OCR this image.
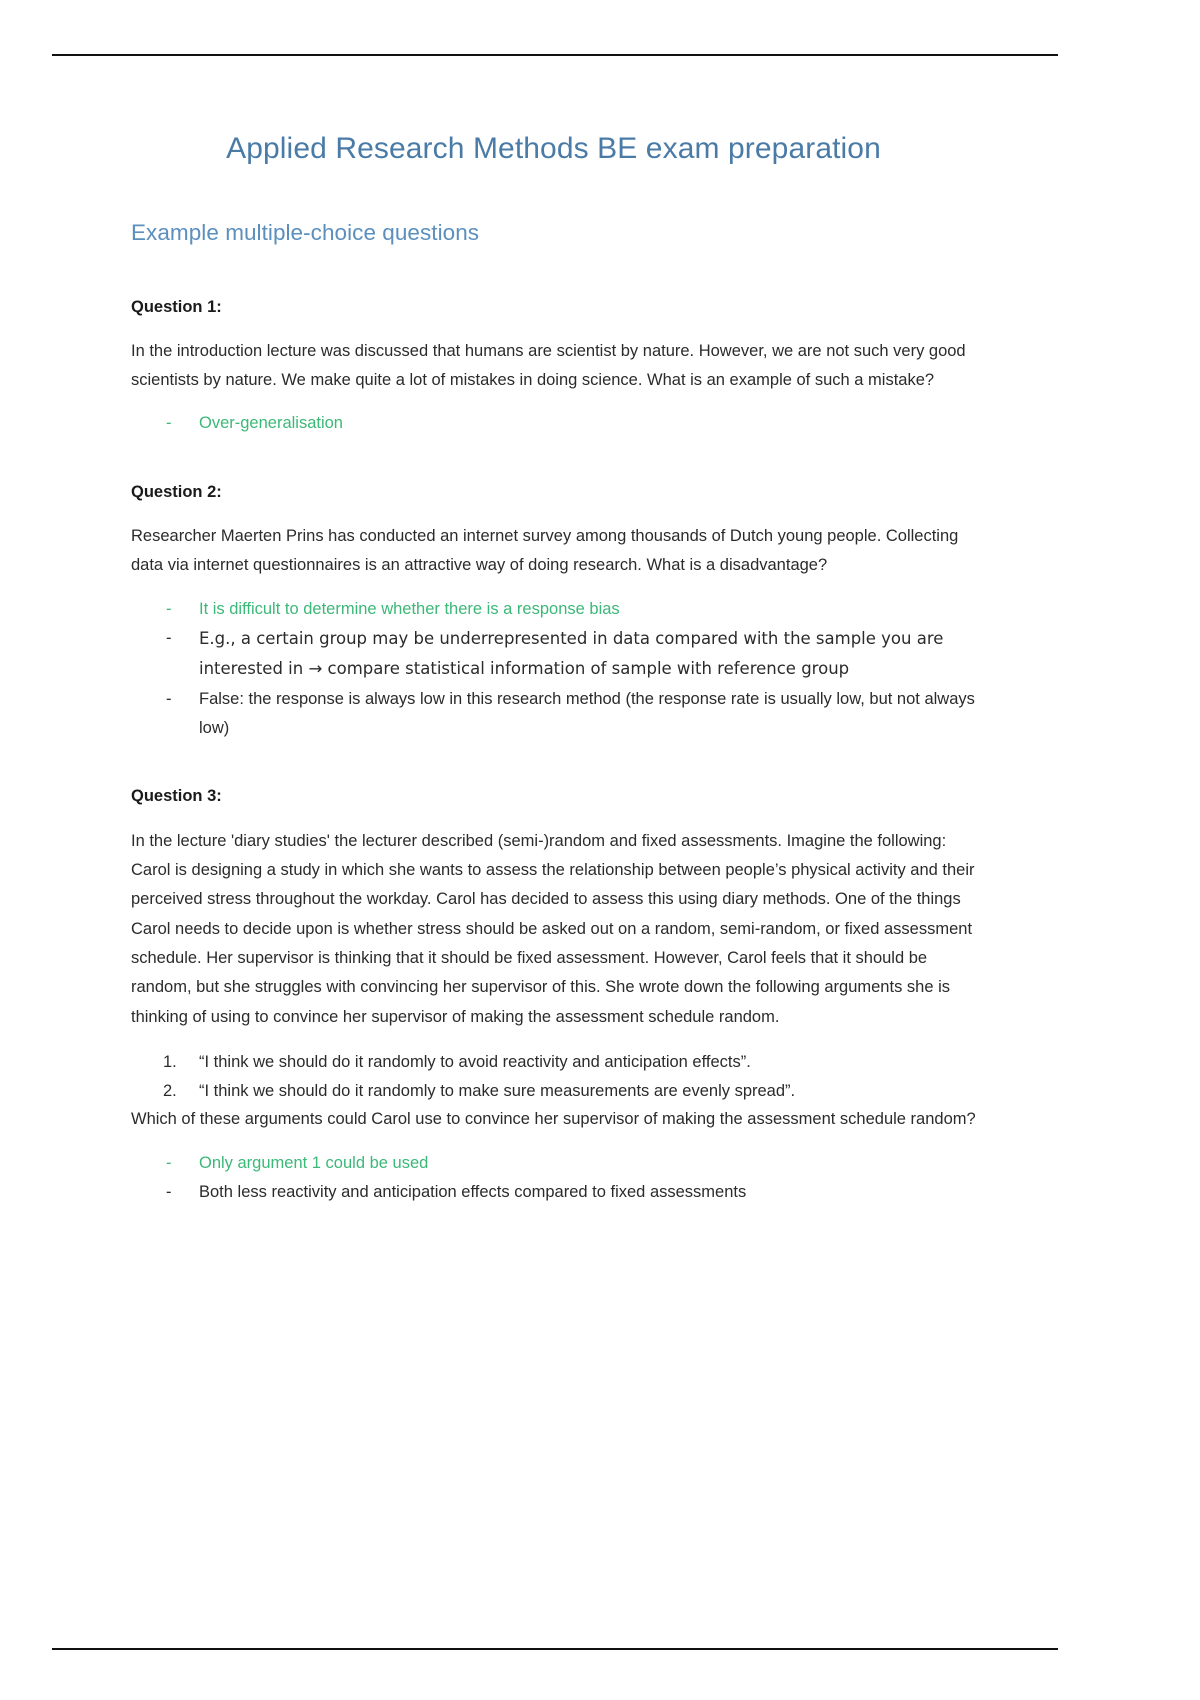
Applied Research Methods BE exam preparation
Example multiple-choice questions
Question 1:

In the introduction lecture was discussed that humans are scientist by nature. However, we are not such very good scientists by nature. We make quite a lot of mistakes in doing science. What is an example of such a mistake?

- Over-generalisation
Question 2:

Researcher Maerten Prins has conducted an internet survey among thousands of Dutch young people. Collecting data via internet questionnaires is an attractive way of doing research. What is a disadvantage?

- It is difficult to determine whether there is a response bias
- E.g., a certain group may be underrepresented in data compared with the sample you are interested in → compare statistical information of sample with reference group
- False: the response is always low in this research method (the response rate is usually low, but not always low)
Question 3:

In the lecture 'diary studies' the lecturer described (semi-)random and fixed assessments. Imagine the following: Carol is designing a study in which she wants to assess the relationship between people’s physical activity and their perceived stress throughout the workday. Carol has decided to assess this using diary methods. One of the things Carol needs to decide upon is whether stress should be asked out on a random, semi-random, or fixed assessment schedule. Her supervisor is thinking that it should be fixed assessment. However, Carol feels that it should be random, but she struggles with convincing her supervisor of this. She wrote down the following arguments she is thinking of using to convince her supervisor of making the assessment schedule random.

1. “I think we should do it randomly to avoid reactivity and anticipation effects”.
2. “I think we should do it randomly to make sure measurements are evenly spread”.

Which of these arguments could Carol use to convince her supervisor of making the assessment schedule random?

- Only argument 1 could be used
- Both less reactivity and anticipation effects compared to fixed assessments
